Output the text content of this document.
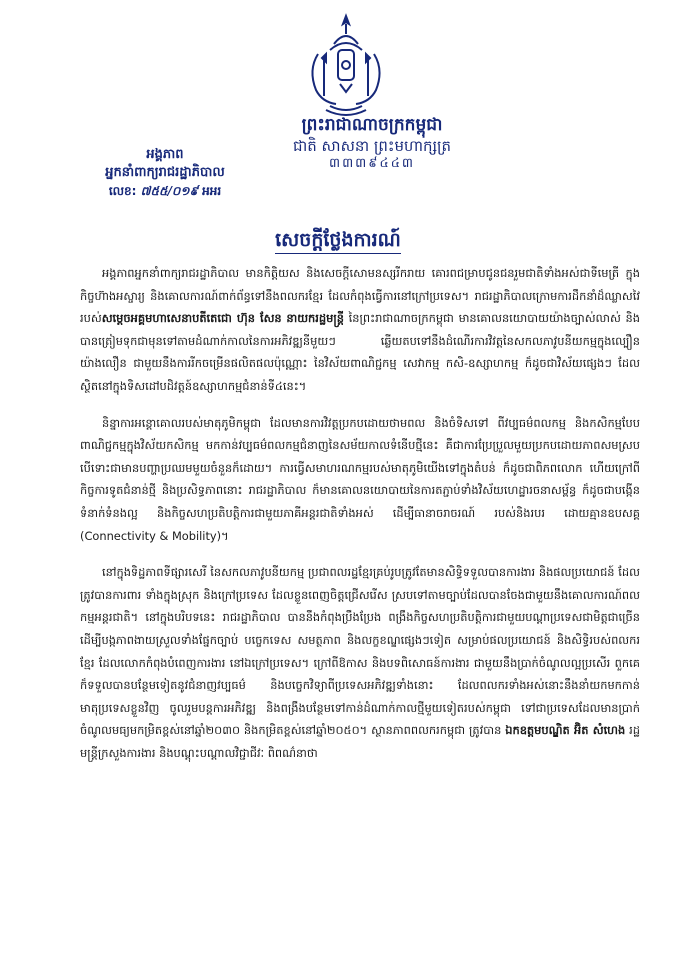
ព្រះរាជាណាចក្រកម្ពុជា
ជាតិ សាសនា ព្រះមហាក្សត្រ
៣៣៣៩៤៤៣
អង្គភាព
អ្នកនាំពាក្យរាជរដ្ឋាភិបាល
លេខ: ៧៥៥/០១៩ អអរ
សេចក្ដីថ្លែងការណ៍

អង្គភាពអ្នកនាំពាក្យរាជរដ្ឋាភិបាល មានកិត្តិយស និងសេចក្ដីសោមនស្សរីករាយ គោរពជម្រាបជូនជនរួមជាតិទាំងអស់ជាទីមេត្រី ក្នុងកិច្ចហ៊ាងអស្ចារ្យ និងគោលការណ៍ពាក់ព័ន្ធទៅនឹងពលករខ្មែរ ដែលកំពុងធ្វើការនៅក្រៅប្រទេស។ រាជរដ្ឋាភិបាលក្រោមការដឹកនាំដ៏ឈ្លាសវៃរបស់សម្ដេចអគ្គមហាសេនាបតីតេជោ ហ៊ុន សែន នាយករដ្ឋមន្ត្រី នៃព្រះរាជាណាចក្រកម្ពុជា មានគោលនយោបាយយ៉ាងច្បាស់លាស់ និងបានត្រៀមទុកជាមុនទៅតាមដំណាក់កាលនៃការអភិវឌ្ឍនីមួយៗ ឆ្លើយតបទៅនឹងដំណើរការវិវត្តនៃសកលភាវូបនីយកម្មក្នុងល្បឿនយ៉ាងលឿន ជាមួយនឹងការរីកចម្រើនផលិតផលប៉ុណ្ណោះ នៃវិស័យពាណិជ្ជកម្ម សេវាកម្ម កសិ-ឧស្សាហកម្ម ក៏ដូចជាវិស័យផ្សេងៗ ដែលស្ថិតនៅក្នុងទិសដៅបដិវត្តន៍ឧស្សាហកម្មជំនាន់ទី៤នេះ។

និន្នាការអន្តោគោលរបស់មាតុភូមិកម្ពុជា ដែលមានការវិវត្តប្រកបដោយថាមពល និងចំទិសទៅ ពីវប្បធម៌ពលកម្ម និងកសិកម្មបែបពាណិជ្ជកម្មក្នុងវិស័យកសិកម្ម មកកាន់វប្បធម៌ពលកម្មជំនាញនៃសម័យកាលទំនើបថ្មីនេះ គឺជាការប្រែប្រួលមួយប្រកបដោយភាពសមស្រប បើទោះជាមានបញ្ហាប្រឈមមួយចំនួនក៏ដោយ។ ការធ្វើសមាហរណកម្មរបស់មាតុភូមិយើងទៅក្នុងតំបន់ ក៏ដូចជាពិភពលោក ហើយក្រៅពីកិច្ចការទូតជំនាន់ថ្មី និងប្រសិទ្ធភាពនោះ រាជរដ្ឋាភិបាល ក៏មានគោលនយោបាយនៃការតភ្ជាប់ទាំងវិស័យហេដ្ឋារចនាសម្ព័ន្ធ ក៏ដូចជាបង្កើនទំនាក់ទំនងល្អ និងកិច្ចសហប្រតិបត្តិការជាមួយភាគីអន្តរជាតិទាំងអស់ ដើម្បីធានាចរាចរណ៍ របស់និងរបរ ដោយគ្មានឧបសគ្គ (Connectivity & Mobility)។

នៅក្នុងទិដ្ឋភាពទីផ្សារសេរី នៃសកលភាវូបនីយកម្ម ប្រជាពលរដ្ឋខ្មែរគ្រប់រូបត្រូវតែមានសិទ្ធិទទួលបានការងារ និងផលប្រយោជន៍ ដែលត្រូវបានការពារ ទាំងក្នុងស្រុក និងក្រៅប្រទេស ដែលខ្លួនពេញចិត្តជ្រើសរើស ស្របទៅតាមច្បាប់ដែលបានចែងជាមួយនឹងគោលការណ៍ពលកម្មអន្តរជាតិ។ នៅក្នុងបរិបទនេះ រាជរដ្ឋាភិបាល បាននឹងកំពុងប្រឹងប្រែង ពង្រឹងកិច្ចសហប្រតិបត្តិការជាមួយបណ្ដាប្រទេសជាមិត្តជាច្រើន ដើម្បីបង្កភាពងាយស្រួលទាំងផ្នែកច្បាប់ បច្ចេកទេស សមត្ថភាព និងលក្ខខណ្ឌផ្សេងៗទៀត សម្រាប់ផលប្រយោជន៍ និងសិទ្ធិរបស់ពលករខ្មែរ ដែលលោកកំពុងបំពេញការងារ នៅឯក្រៅប្រទេស។ ក្រៅពីឱកាស និងបទពិសោធន៍ការងារ ជាមួយនឹងប្រាក់ចំណូលល្អប្រសើរ ពួកគេក៏ទទួលបានបន្ថែមទៀតនូវជំនាញវប្បធម៌ និងបច្ចេកវិទ្យាពីប្រទេសអភិវឌ្ឍទាំងនោះ ដែលពលករទាំងអស់នោះនឹងនាំយកមកកាន់មាតុប្រទេសខ្លួនវិញ ចូលរួមបន្តការអភិវឌ្ឍ និងពង្រឹងបន្ថែមទៅកាន់ដំណាក់កាលថ្មីមួយទៀតរបស់កម្ពុជា ទៅជាប្រទេសដែលមានប្រាក់ចំណូលមធ្យមកម្រិតខ្ពស់នៅឆ្នាំ២០៣០ និងកម្រិតខ្ពស់នៅឆ្នាំ២០៥០។ ស្ថានភាពពលករកម្ពុជា ត្រូវបាន ឯកឧត្តមបណ្ឌិត អ៊ិត សំហេង រដ្ឋមន្ត្រីក្រសួងការងារ និងបណ្ដុះបណ្ដាលវិជ្ជាជីវៈ ពិពណ៌នាថា
